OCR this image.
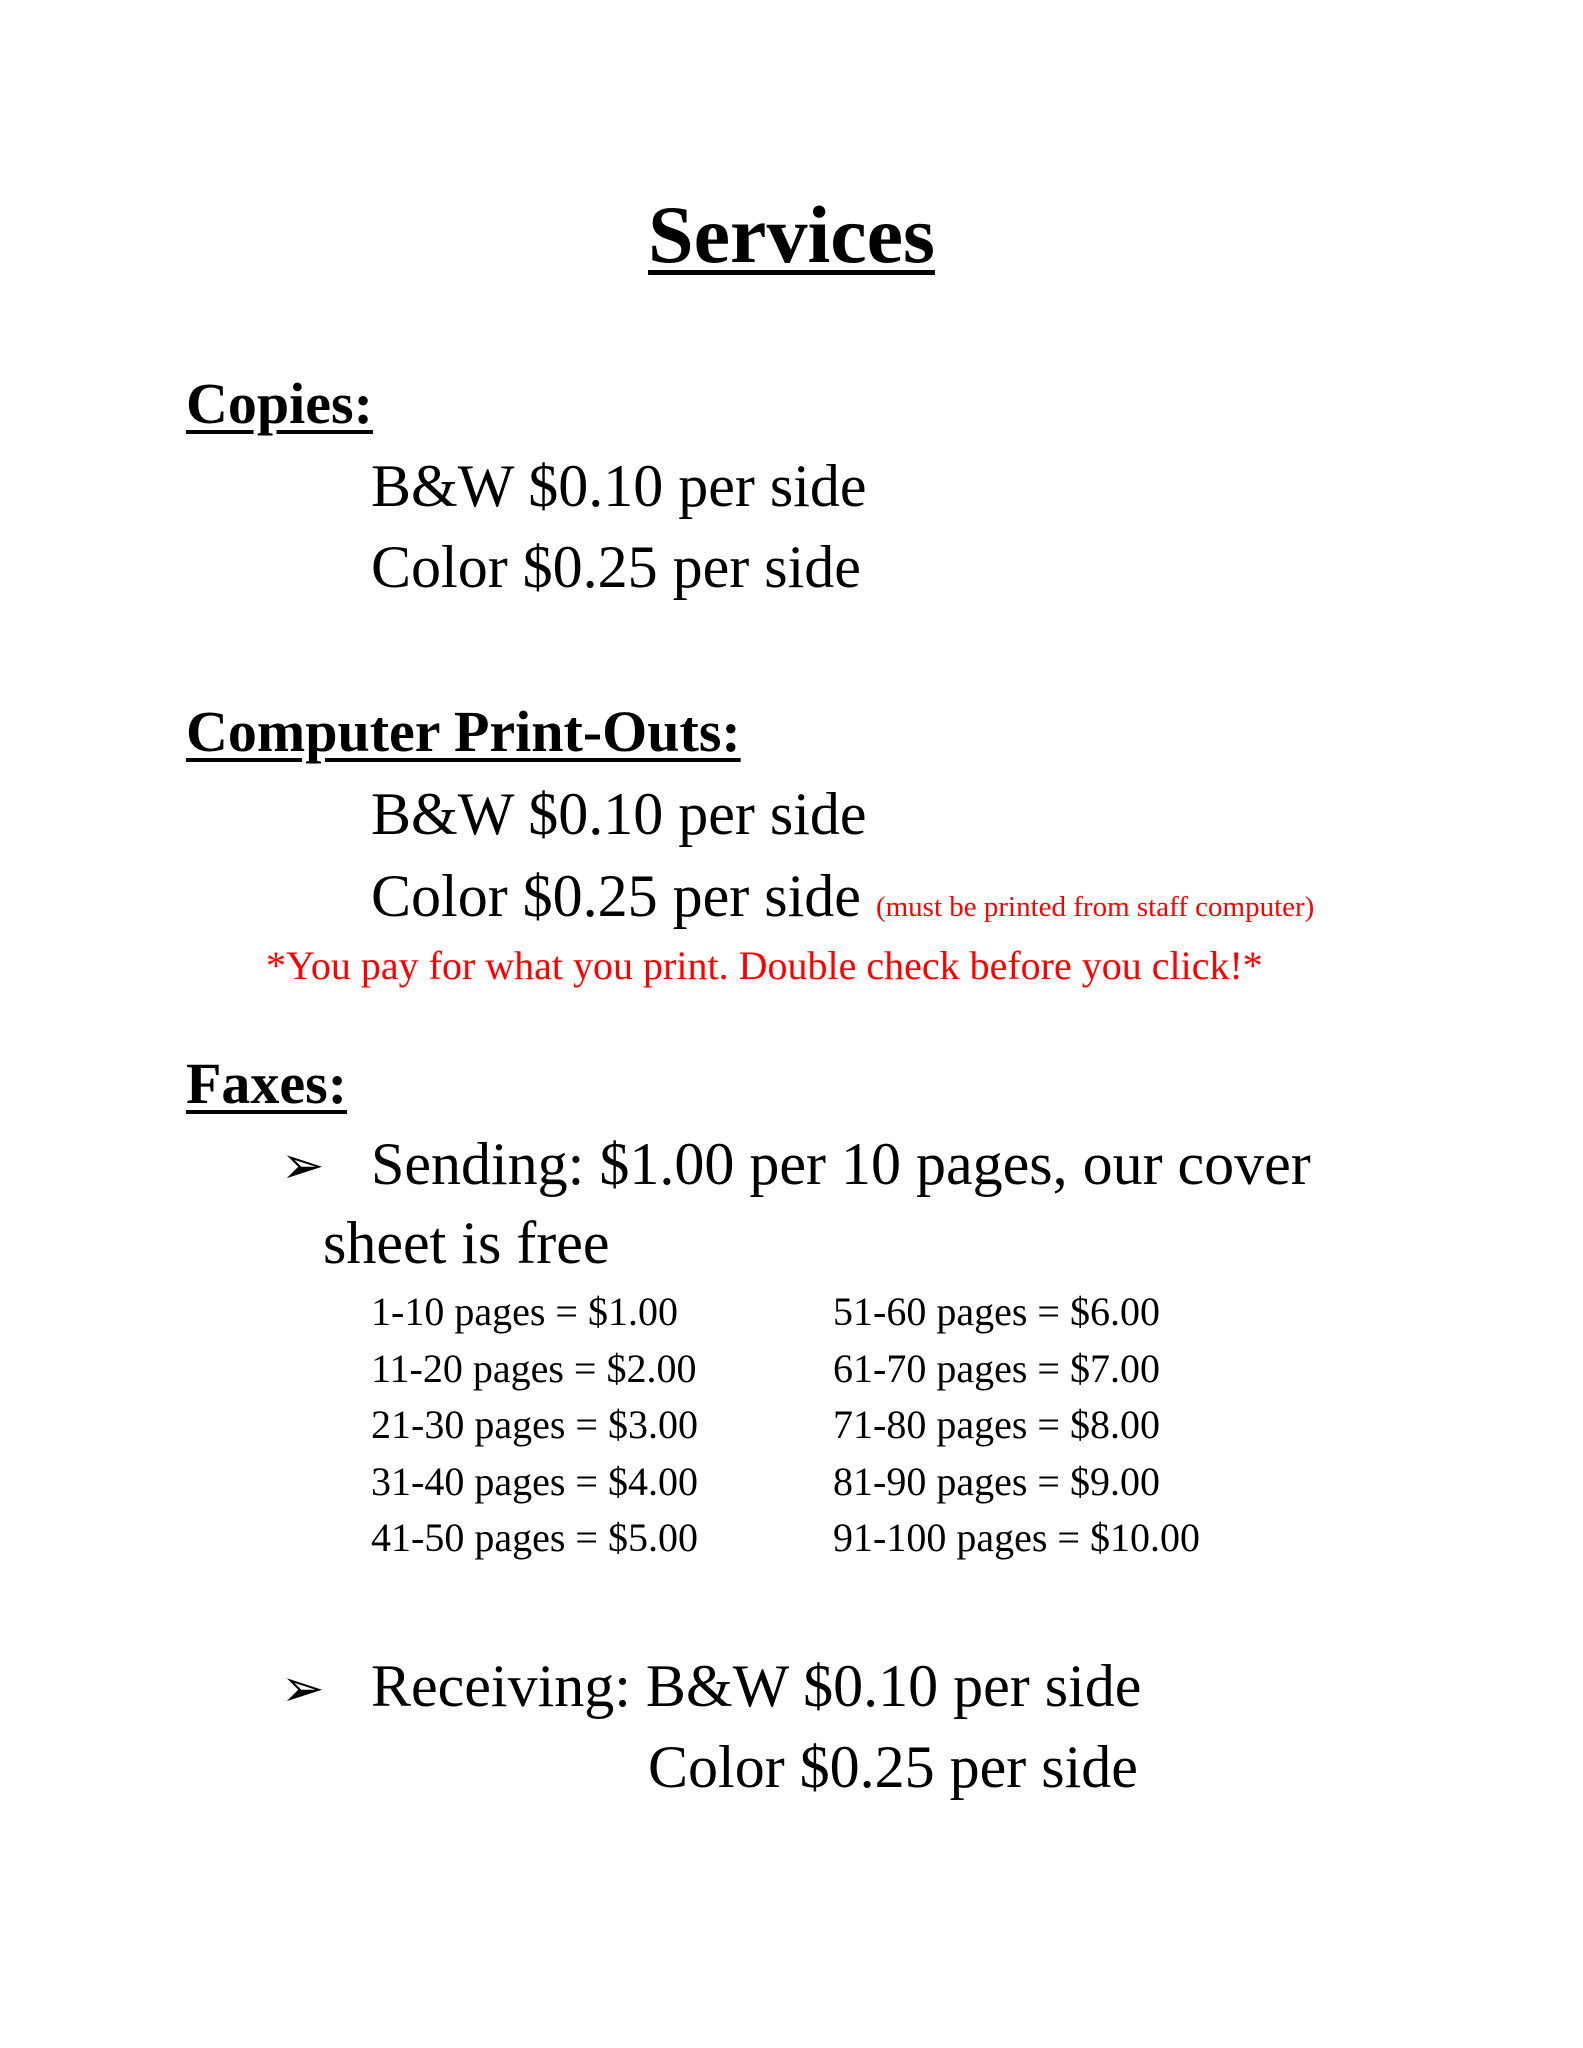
Services
Copies:
B&W $0.10 per side
Color $0.25 per side
Computer Print-Outs:
B&W $0.10 per side
Color $0.25 per side (must be printed from staff computer)
*You pay for what you print. Double check before you click!*
Faxes:
➢ Sending: $1.00 per 10 pages, our cover
sheet is free
1-10 pages = $1.00
11-20 pages = $2.00
21-30 pages = $3.00
31-40 pages = $4.00
41-50 pages = $5.00
51-60 pages = $6.00
61-70 pages = $7.00
71-80 pages = $8.00
81-90 pages = $9.00
91-100 pages = $10.00
➢ Receiving: B&W $0.10 per side
Color $0.25 per side
